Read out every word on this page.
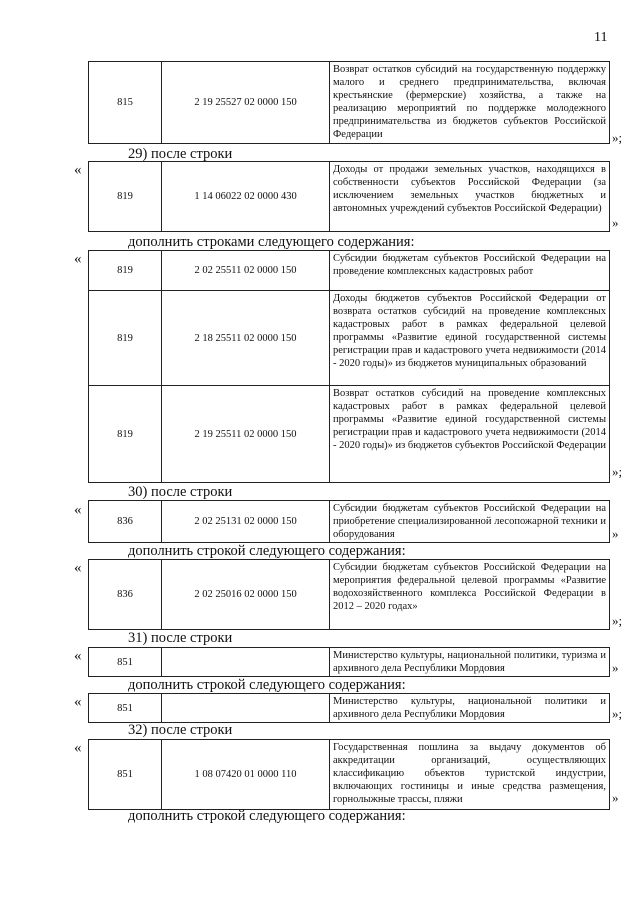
11
815	2 19 25527 02 0000 150	Возврат остатков субсидий на государственную поддержку малого и среднего предпринимательства, включая крестьянские (фермерские) хозяйства, а также на реализацию мероприятий по поддержке молодежного предпринимательства из бюджетов субъектов Российской Федерации	»;
29) после строки
«
819	1 14 06022 02 0000 430	Доходы от продажи земельных участков, находящихся в собственности субъектов Российской Федерации (за исключением земельных участков бюджетных и автономных учреждений субъектов Российской Федерации)
»
дополнить строками следующего содержания:
«
819	2 02 25511 02 0000 150	Субсидии бюджетам субъектов Российской Федерации на проведение комплексных кадастровых работ
819	2 18 25511 02 0000 150	Доходы бюджетов субъектов Российской Федерации от возврата остатков субсидий на проведение комплексных кадастровых работ в рамках федеральной целевой программы «Развитие единой государственной системы регистрации прав и кадастрового учета недвижимости (2014 - 2020 годы)» из бюджетов муниципальных образований
819	2 19 25511 02 0000 150	Возврат остатков субсидий на проведение комплексных кадастровых работ в рамках федеральной целевой программы «Развитие единой государственной системы регистрации прав и кадастрового учета недвижимости (2014 - 2020 годы)» из бюджетов субъектов Российской Федерации
»;
30) после строки
«
836	2 02 25131 02 0000 150	Субсидии бюджетам субъектов Российской Федерации на приобретение специализированной лесопожарной техники и оборудования	»
дополнить строкой следующего содержания:
«
836	2 02 25016 02 0000 150	Субсидии бюджетам субъектов Российской Федерации на мероприятия федеральной целевой программы «Развитие водохозяйственного комплекса Российской Федерации в 2012 – 2020 годах»
»;
31) после строки
«	851		Министерство культуры, национальной политики, туризма и архивного дела Республики Мордовия	»
дополнить строкой следующего содержания:
«	851		Министерство культуры, национальной политики и архивного дела Республики Мордовия	»;
32) после строки
«
851	1 08 07420 01 0000 110	Государственная пошлина за выдачу документов об аккредитации организаций, осуществляющих классификацию объектов туристской индустрии, включающих гостиницы и иные средства размещения, горнолыжные трассы, пляжи	»
дополнить строкой следующего содержания:
